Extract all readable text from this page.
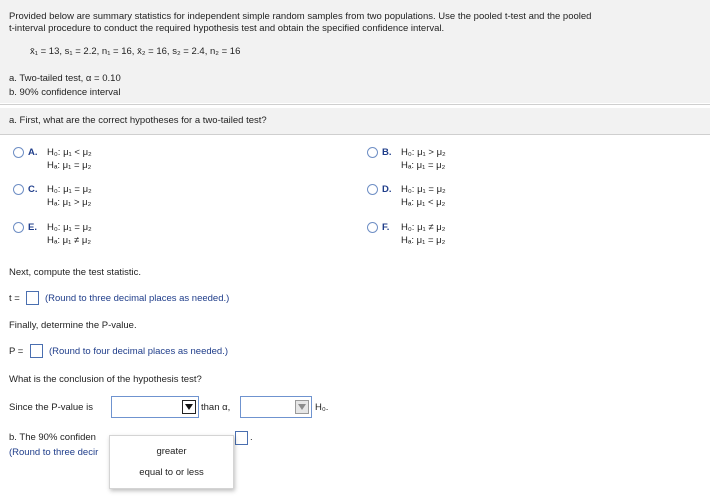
Provided below are summary statistics for independent simple random samples from two populations. Use the pooled t-test and the pooled
t-interval procedure to conduct the required hypothesis test and obtain the specified confidence interval.
x̄₁ = 13, s₁ = 2.2, n₁ = 16, x̄₂ = 16, s₂ = 2.4, n₂ = 16
a. Two-tailed test, α = 0.10
b. 90% confidence interval
a. First, what are the correct hypotheses for a two-tailed test?
A. H₀: μ₁ < μ₂
Hₐ: μ₁ = μ₂
B. H₀: μ₁ > μ₂
Hₐ: μ₁ = μ₂
C. H₀: μ₁ = μ₂
Hₐ: μ₁ > μ₂
D. H₀: μ₁ = μ₂
Hₐ: μ₁ < μ₂
E. H₀: μ₁ = μ₂
Hₐ: μ₁ ≠ μ₂
F. H₀: μ₁ ≠ μ₂
Hₐ: μ₁ = μ₂
Next, compute the test statistic.
t =	(Round to three decimal places as needed.)
Finally, determine the P-value.
P =	(Round to four decimal places as needed.)
What is the conclusion of the hypothesis test?
Since the P-value is	than α,	H₀.
b. The 90% confiden
(Round to three decir
.
greater
equal to or less
